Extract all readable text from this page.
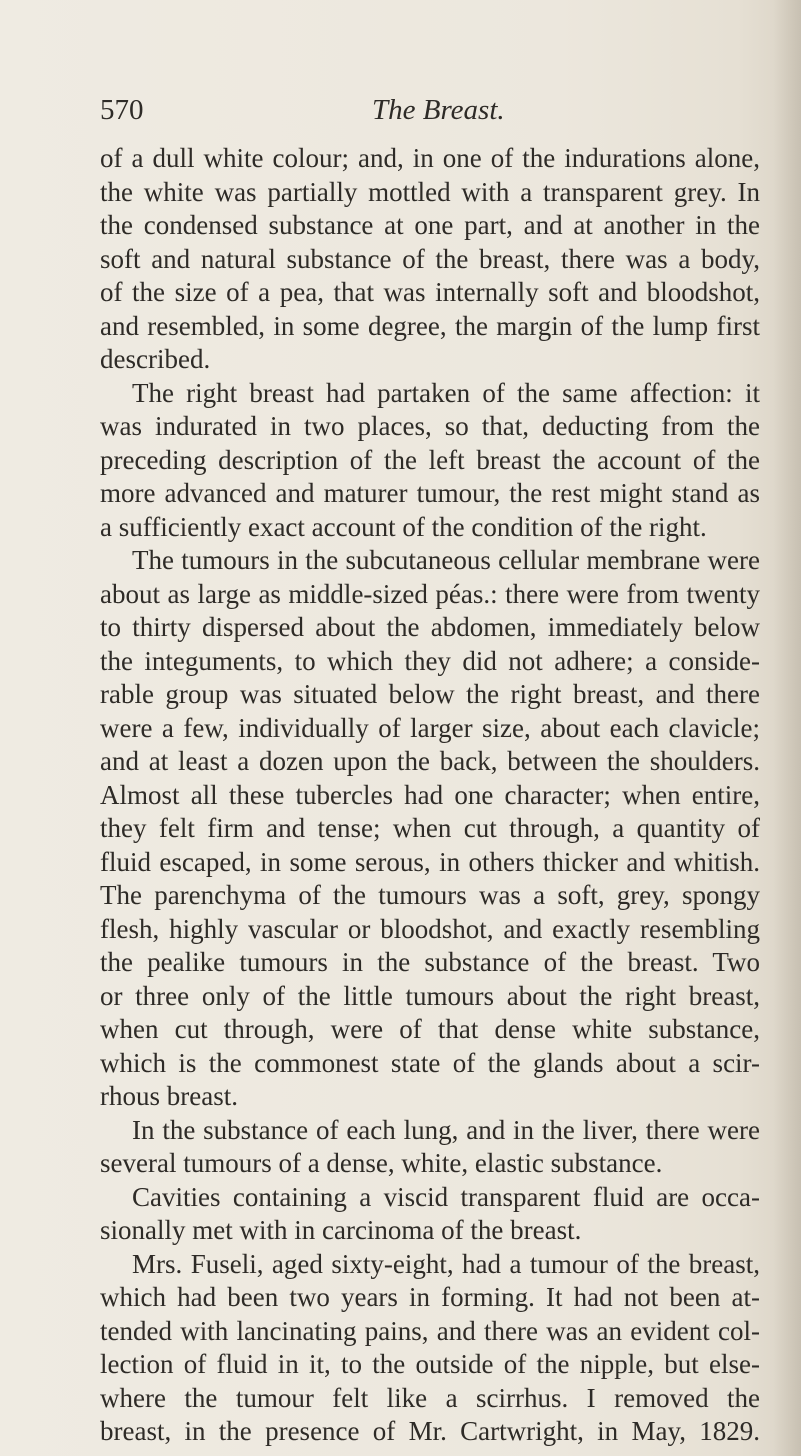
570	The Breast.
of a dull white colour; and, in one of the indurations alone,
the white was partially mottled with a transparent grey. In
the condensed substance at one part, and at another in the
soft and natural substance of the breast, there was a body,
of the size of a pea, that was internally soft and bloodshot,
and resembled, in some degree, the margin of the lump first
described.
The right breast had partaken of the same affection: it
was indurated in two places, so that, deducting from the
preceding description of the left breast the account of the
more advanced and maturer tumour, the rest might stand as
a sufficiently exact account of the condition of the right.
The tumours in the subcutaneous cellular membrane were
about as large as middle-sized péas.: there were from twenty
to thirty dispersed about the abdomen, immediately below
the integuments, to which they did not adhere; a conside-
rable group was situated below the right breast, and there
were a few, individually of larger size, about each clavicle;
and at least a dozen upon the back, between the shoulders.
Almost all these tubercles had one character; when entire,
they felt firm and tense; when cut through, a quantity of
fluid escaped, in some serous, in others thicker and whitish.
The parenchyma of the tumours was a soft, grey, spongy
flesh, highly vascular or bloodshot, and exactly resembling
the pealike tumours in the substance of the breast. Two
or three only of the little tumours about the right breast,
when cut through, were of that dense white substance,
which is the commonest state of the glands about a scir-
rhous breast.
In the substance of each lung, and in the liver, there were
several tumours of a dense, white, elastic substance.
Cavities containing a viscid transparent fluid are occa-
sionally met with in carcinoma of the breast.
Mrs. Fuseli, aged sixty-eight, had a tumour of the breast,
which had been two years in forming. It had not been at-
tended with lancinating pains, and there was an evident col-
lection of fluid in it, to the outside of the nipple, but else-
where the tumour felt like a scirrhus. I removed the
breast, in the presence of Mr. Cartwright, in May, 1829.
